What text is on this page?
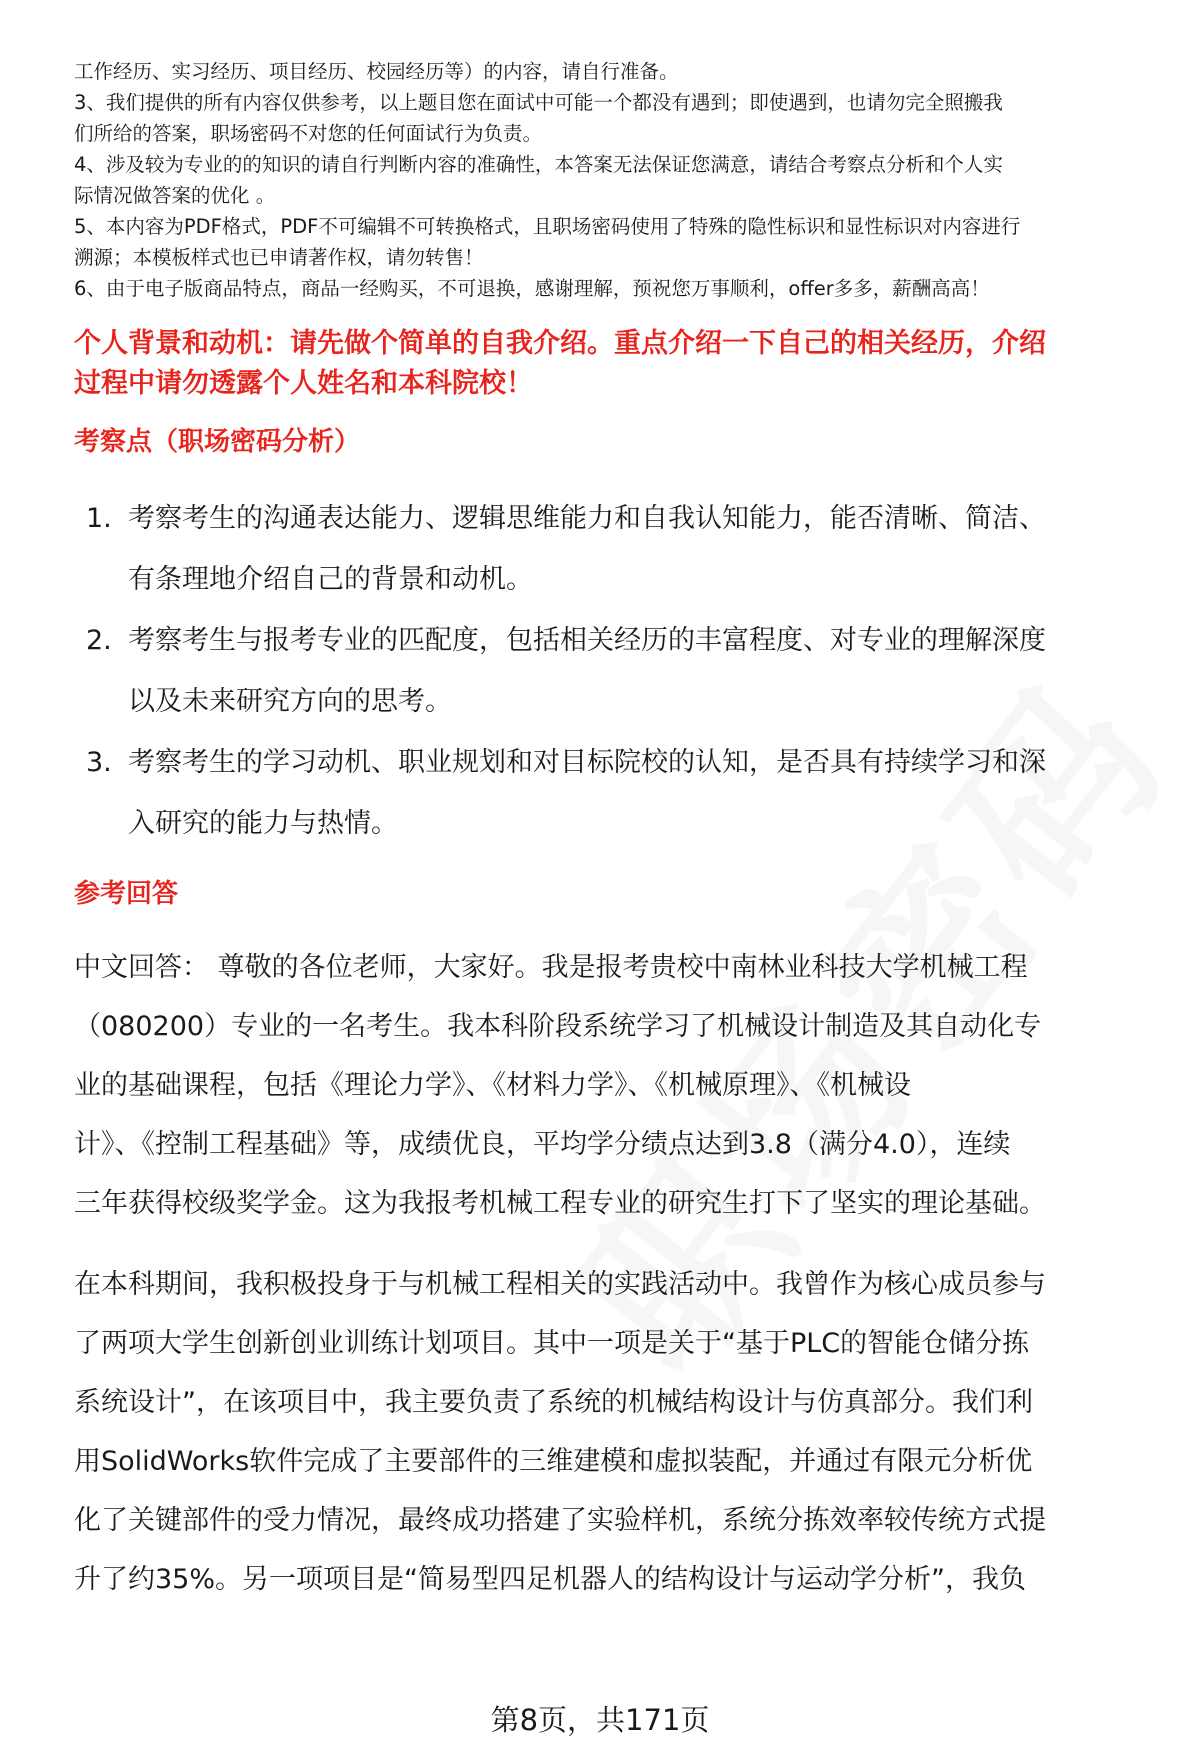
工作经历、实习经历、项目经历、校园经历等）的内容，请自行准备。

3、我们提供的所有内容仅供参考，以上题目您在面试中可能一个都没有遇到；即使遇到，也请勿完全照搬我

们所给的答案，职场密码不对您的任何面试行为负责。

4、涉及较为专业的的知识的请自行判断内容的准确性，本答案无法保证您满意，请结合考察点分析和个人实

际情况做答案的优化 。

5、本内容为PDF格式，PDF不可编辑不可转换格式，且职场密码使用了特殊的隐性标识和显性标识对内容进行

溯源；本模板样式也已申请著作权，请勿转售！

6、由于电子版商品特点，商品一经购买，不可退换，感谢理解，预祝您万事顺利，offer多多，薪酬高高！

个人背景和动机：请先做个简单的自我介绍。重点介绍一下自己的相关经历，介绍
过程中请勿透露个人姓名和本科院校！
考察点（职场密码分析）
1. 考察考生的沟通表达能力、逻辑思维能力和自我认知能力，能否清晰、简洁、
有条理地介绍自己的背景和动机。
2. 考察考生与报考专业的匹配度，包括相关经历的丰富程度、对专业的理解深度
以及未来研究方向的思考。
3. 考察考生的学习动机、职业规划和对目标院校的认知，是否具有持续学习和深
入研究的能力与热情。
参考回答

中文回答： 尊敬的各位老师，大家好。我是报考贵校中南林业科技大学机械工程
（080200）专业的一名考生。我本科阶段系统学习了机械设计制造及其自动化专
业的基础课程，包括《理论力学》、《材料力学》、《机械原理》、《机械设
计》、《控制工程基础》等，成绩优良，平均学分绩点达到3.8（满分4.0），连续
三年获得校级奖学金。这为我报考机械工程专业的研究生打下了坚实的理论基础。

在本科期间，我积极投身于与机械工程相关的实践活动中。我曾作为核心成员参与
了两项大学生创新创业训练计划项目。其中一项是关于“基于PLC的智能仓储分拣
系统设计”，在该项目中，我主要负责了系统的机械结构设计与仿真部分。我们利
用SolidWorks软件完成了主要部件的三维建模和虚拟装配，并通过有限元分析优
化了关键部件的受力情况，最终成功搭建了实验样机，系统分拣效率较传统方式提
升了约35%。另一项项目是“简易型四足机器人的结构设计与运动学分析”，我负

第8页，共171页
